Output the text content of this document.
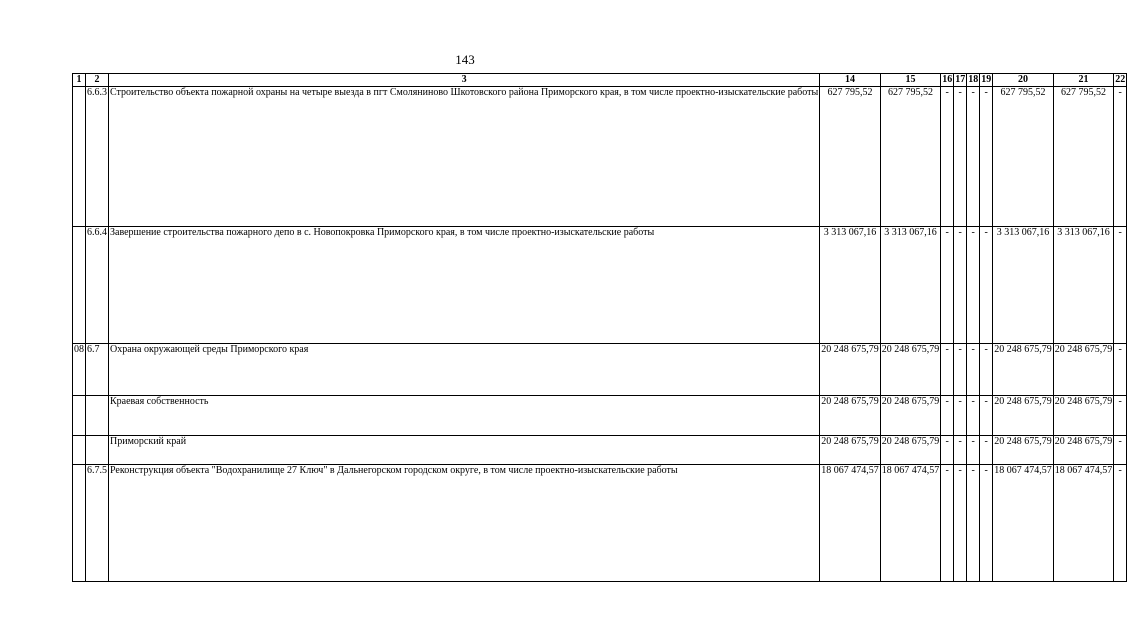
143
1	2	3	14	15	16	17	18	19	20	21	22
	6.6.3	Строительство объекта пожарной охраны на четыре выезда в пгт Смоляниново Шкотовского района Приморского края, в том числе проектно-изыскательские работы	627 795,52	627 795,52	-	-	-	-	627 795,52	627 795,52	-
	6.6.4	Завершение строительства пожарного депо в с. Новопокровка Приморского края, в том числе проектно-изыскательские работы	3 313 067,16	3 313 067,16	-	-	-	-	3 313 067,16	3 313 067,16	-
08	6.7	Охрана окружающей среды Приморского края	20 248 675,79	20 248 675,79	-	-	-	-	20 248 675,79	20 248 675,79	-
		Краевая собственность	20 248 675,79	20 248 675,79	-	-	-	-	20 248 675,79	20 248 675,79	-
		Приморский край	20 248 675,79	20 248 675,79	-	-	-	-	20 248 675,79	20 248 675,79	-
	6.7.5	Реконструкция объекта "Водохранилище 27 Ключ" в Дальнегорском городском округе, в том числе проектно-изыскательские работы	18 067 474,57	18 067 474,57	-	-	-	-	18 067 474,57	18 067 474,57	-
